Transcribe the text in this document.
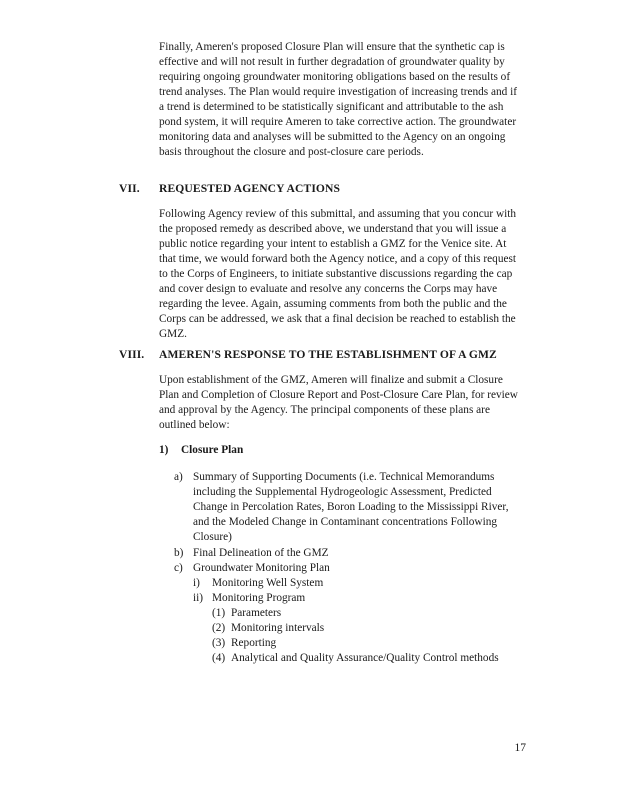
Finally, Ameren's proposed Closure Plan will ensure that the synthetic cap is effective and will not result in further degradation of groundwater quality by requiring ongoing groundwater monitoring obligations based on the results of trend analyses. The Plan would require investigation of increasing trends and if a trend is determined to be statistically significant and attributable to the ash pond system, it will require Ameren to take corrective action. The groundwater monitoring data and analyses will be submitted to the Agency on an ongoing basis throughout the closure and post-closure care periods.

VII. REQUESTED AGENCY ACTIONS

Following Agency review of this submittal, and assuming that you concur with the proposed remedy as described above, we understand that you will issue a public notice regarding your intent to establish a GMZ for the Venice site. At that time, we would forward both the Agency notice, and a copy of this request to the Corps of Engineers, to initiate substantive discussions regarding the cap and cover design to evaluate and resolve any concerns the Corps may have regarding the levee. Again, assuming comments from both the public and the Corps can be addressed, we ask that a final decision be reached to establish the GMZ.

VIII. AMEREN'S RESPONSE TO THE ESTABLISHMENT OF A GMZ

Upon establishment of the GMZ, Ameren will finalize and submit a Closure Plan and Completion of Closure Report and Post-Closure Care Plan, for review and approval by the Agency. The principal components of these plans are outlined below:

1) Closure Plan
a) Summary of Supporting Documents (i.e. Technical Memorandums including the Supplemental Hydrogeologic Assessment, Predicted Change in Percolation Rates, Boron Loading to the Mississippi River, and the Modeled Change in Contaminant concentrations Following Closure)
b) Final Delineation of the GMZ
c) Groundwater Monitoring Plan
i) Monitoring Well System
ii) Monitoring Program
(1) Parameters
(2) Monitoring intervals
(3) Reporting
(4) Analytical and Quality Assurance/Quality Control methods
17
